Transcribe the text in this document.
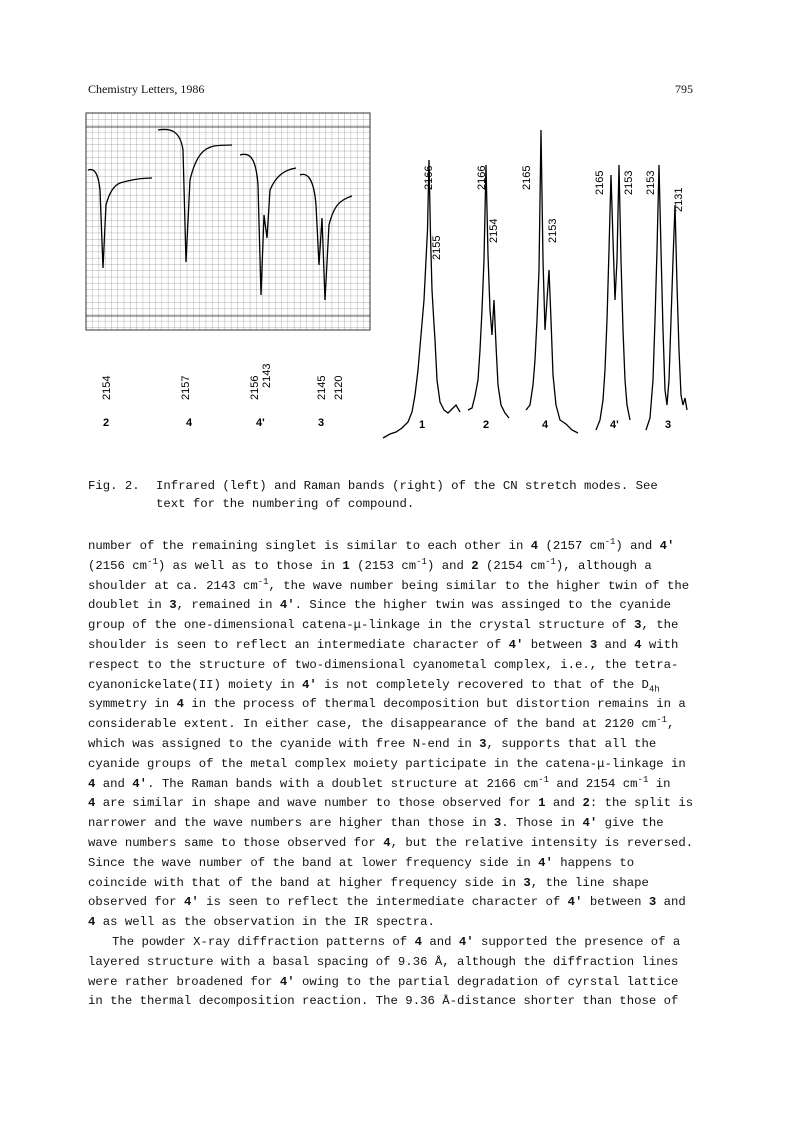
Chemistry Letters, 1986	795
2154	2157	2156 2143	2145 2120
2	4	4'	3
2166
2155
2166
2154
2165
2153
2165 2153 2153
2131
1	2	4	4'	3
Fig. 2. Infrared (left) and Raman bands (right) of the CN stretch modes. See
text for the numbering of compound.

number of the remaining singlet is similar to each other in 4 (2157 $cm^{-1}$) and 4'

(2156 $cm^{-1}$) as well as to those in 1 (2153 $cm^{-1}$) and 2 (2154 $cm^{-1}$), although a

shoulder at ca. 2143 $cm^{-1}$, the wave number being similar to the higher twin of the

doublet in 3, remained in 4'. Since the higher twin was assinged to the cyanide

group of the one-dimensional catena-μ-linkage in the crystal structure of 3, the

shoulder is seen to reflect an intermediate character of 4' between 3 and 4 with

respect to the structure of two-dimensional cyanometal complex, i.e., the tetra-

cyanonickelate(II) moiety in 4' is not completely recovered to that of the $D_{4h}$

symmetry in 4 in the process of thermal decomposition but distortion remains in a

considerable extent. In either case, the disappearance of the band at 2120 $cm^{-1}$,

which was assigned to the cyanide with free N-end in 3, supports that all the

cyanide groups of the metal complex moiety participate in the catena-μ-linkage in

4 and 4'. The Raman bands with a doublet structure at 2166 $cm^{-1}$ and 2154 $cm^{-1}$ in

4 are similar in shape and wave number to those observed for 1 and 2: the split is

narrower and the wave numbers are higher than those in 3. Those in 4' give the

wave numbers same to those observed for 4, but the relative intensity is reversed.

Since the wave number of the band at lower frequency side in 4' happens to

coincide with that of the band at higher frequency side in 3, the line shape

observed for 4' is seen to reflect the intermediate character of 4' between 3 and

4 as well as the observation in the IR spectra.

The powder X-ray diffraction patterns of 4 and 4' supported the presence of a

layered structure with a basal spacing of 9.36 Å, although the diffraction lines

were rather broadened for 4' owing to the partial degradation of cyrstal lattice

in the thermal decomposition reaction. The 9.36 Å-distance shorter than those of
